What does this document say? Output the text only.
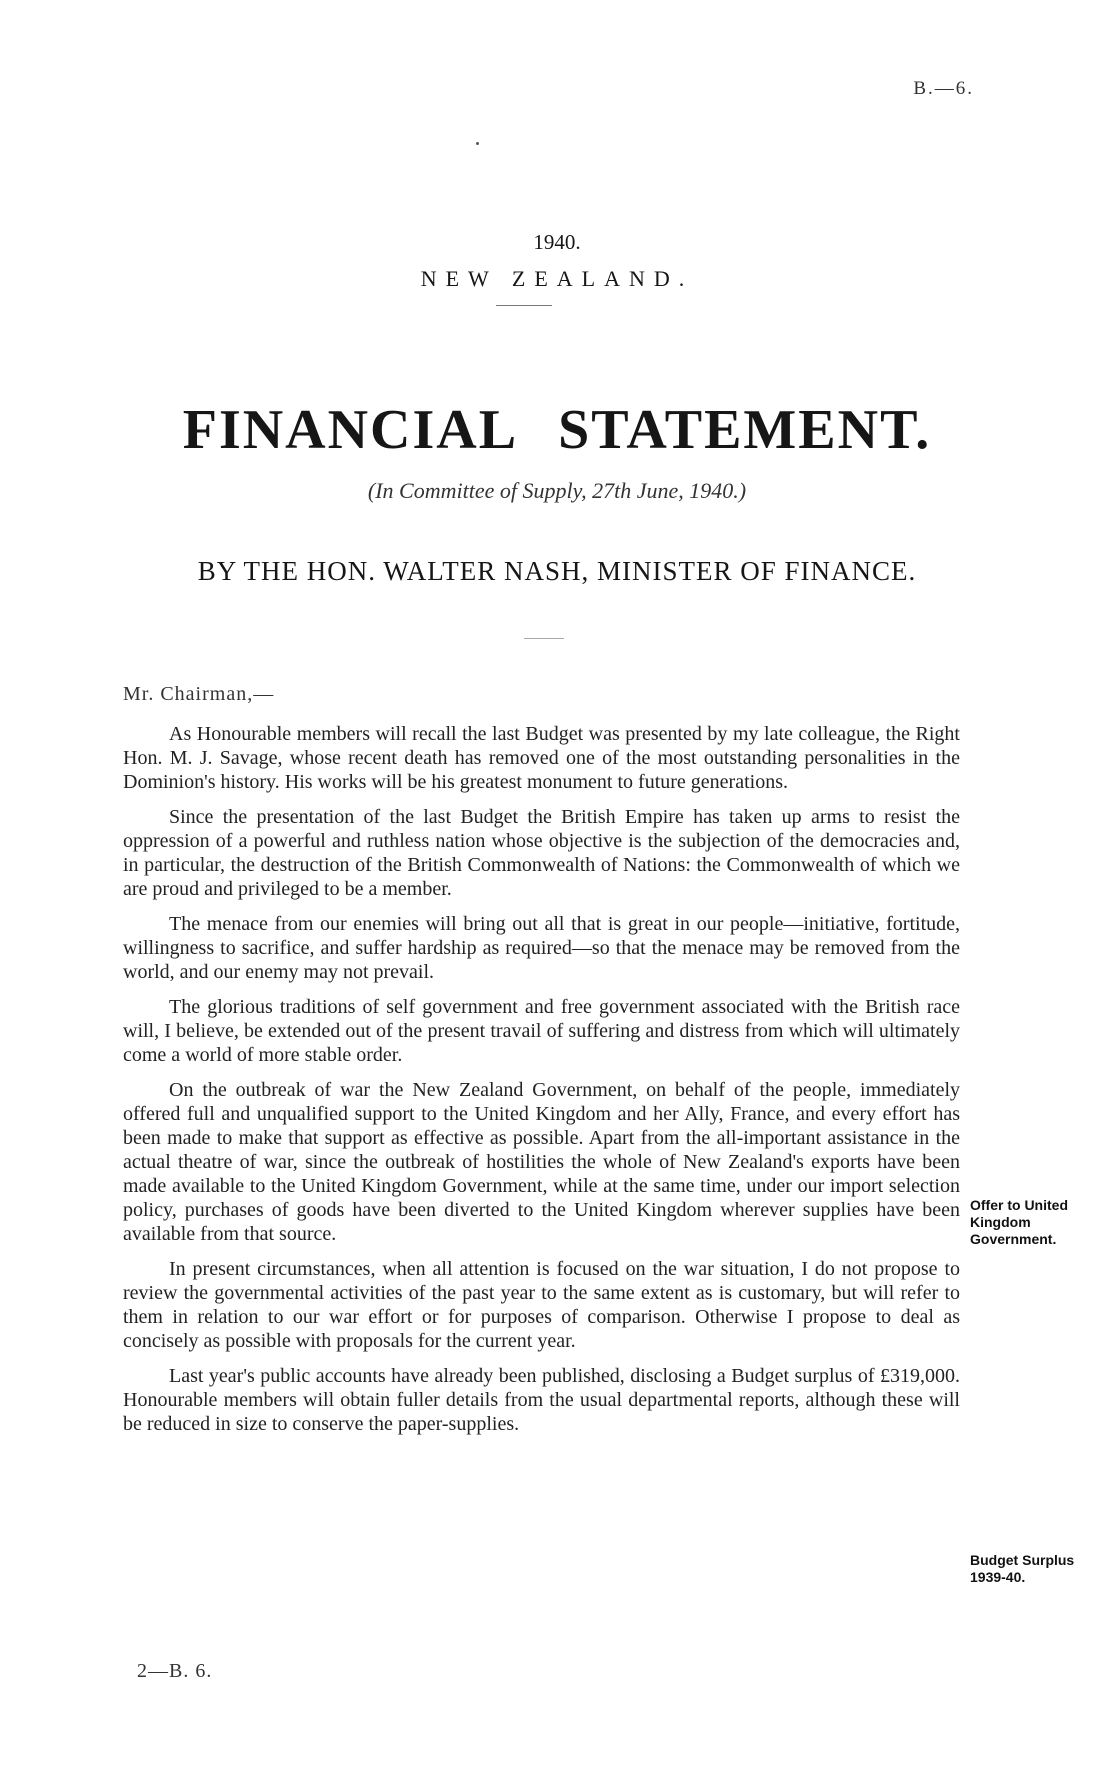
B.—6.
1940.
NEW ZEALAND.
FINANCIAL STATEMENT.
(In Committee of Supply, 27th June, 1940.)
BY THE HON. WALTER NASH, MINISTER OF FINANCE.
Mr. Chairman,—

As Honourable members will recall the last Budget was presented by my late colleague, the Right Hon. M. J. Savage, whose recent death has removed one of the most outstanding personalities in the Dominion's history. His works will be his greatest monument to future generations.

Since the presentation of the last Budget the British Empire has taken up arms to resist the oppression of a powerful and ruthless nation whose objective is the subjection of the democracies and, in particular, the destruction of the British Commonwealth of Nations: the Commonwealth of which we are proud and privileged to be a member.

The menace from our enemies will bring out all that is great in our people—initiative, fortitude, willingness to sacrifice, and suffer hardship as required—so that the menace may be removed from the world, and our enemy may not prevail.

The glorious traditions of self government and free government associated with the British race will, I believe, be extended out of the present travail of suffering and distress from which will ultimately come a world of more stable order.

On the outbreak of war the New Zealand Government, on behalf of the people, immediately offered full and unqualified support to the United Kingdom and her Ally, France, and every effort has been made to make that support as effective as possible. Apart from the all-important assistance in the actual theatre of war, since the outbreak of hostilities the whole of New Zealand's exports have been made available to the United Kingdom Government, while at the same time, under our import selection policy, purchases of goods have been diverted to the United Kingdom wherever supplies have been available from that source.

In present circumstances, when all attention is focused on the war situation, I do not propose to review the governmental activities of the past year to the same extent as is customary, but will refer to them in relation to our war effort or for purposes of comparison. Otherwise I propose to deal as concisely as possible with proposals for the current year.

Last year's public accounts have already been published, disclosing a Budget surplus of £319,000. Honourable members will obtain fuller details from the usual departmental reports, although these will be reduced in size to conserve the paper-supplies.

Offer to United Kingdom Government.
Budget Surplus 1939-40.
2—B. 6.
